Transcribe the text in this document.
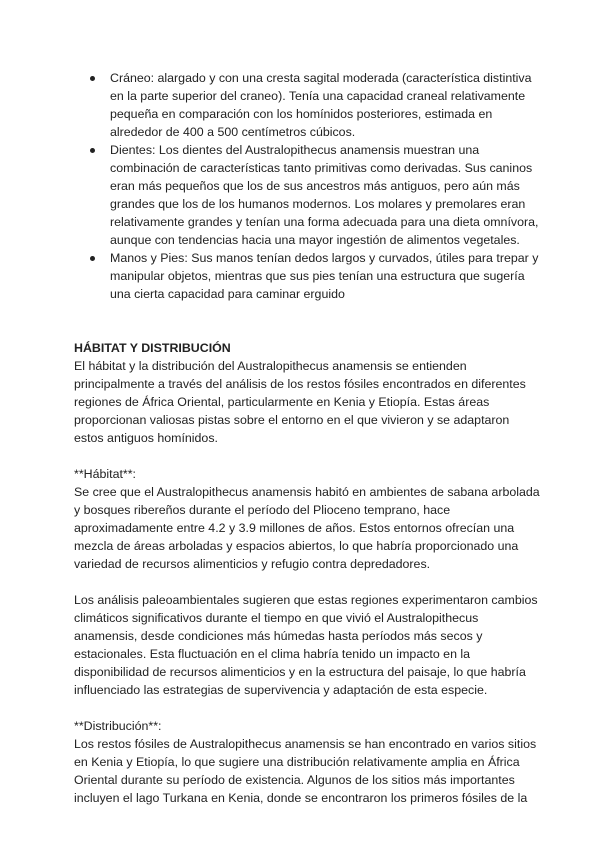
Cráneo: alargado y con una cresta sagital moderada (característica distintiva
en la parte superior del craneo). Tenía una capacidad craneal relativamente
pequeña en comparación con los homínidos posteriores, estimada en
alrededor de 400 a 500 centímetros cúbicos.
Dientes: Los dientes del Australopithecus anamensis muestran una
combinación de características tanto primitivas como derivadas. Sus caninos
eran más pequeños que los de sus ancestros más antiguos, pero aún más
grandes que los de los humanos modernos. Los molares y premolares eran
relativamente grandes y tenían una forma adecuada para una dieta omnívora,
aunque con tendencias hacia una mayor ingestión de alimentos vegetales.
Manos y Pies: Sus manos tenían dedos largos y curvados, útiles para trepar y
manipular objetos, mientras que sus pies tenían una estructura que sugería
una cierta capacidad para caminar erguido
HÁBITAT Y DISTRIBUCIÓN
El hábitat y la distribución del Australopithecus anamensis se entienden
principalmente a través del análisis de los restos fósiles encontrados en diferentes
regiones de África Oriental, particularmente en Kenia y Etiopía. Estas áreas
proporcionan valiosas pistas sobre el entorno en el que vivieron y se adaptaron
estos antiguos homínidos.
**Hábitat**:
Se cree que el Australopithecus anamensis habitó en ambientes de sabana arbolada
y bosques ribereños durante el período del Plioceno temprano, hace
aproximadamente entre 4.2 y 3.9 millones de años. Estos entornos ofrecían una
mezcla de áreas arboladas y espacios abiertos, lo que habría proporcionado una
variedad de recursos alimenticios y refugio contra depredadores.
Los análisis paleoambientales sugieren que estas regiones experimentaron cambios
climáticos significativos durante el tiempo en que vivió el Australopithecus
anamensis, desde condiciones más húmedas hasta períodos más secos y
estacionales. Esta fluctuación en el clima habría tenido un impacto en la
disponibilidad de recursos alimenticios y en la estructura del paisaje, lo que habría
influenciado las estrategias de supervivencia y adaptación de esta especie.
**Distribución**:
Los restos fósiles de Australopithecus anamensis se han encontrado en varios sitios
en Kenia y Etiopía, lo que sugiere una distribución relativamente amplia en África
Oriental durante su período de existencia. Algunos de los sitios más importantes
incluyen el lago Turkana en Kenia, donde se encontraron los primeros fósiles de la
